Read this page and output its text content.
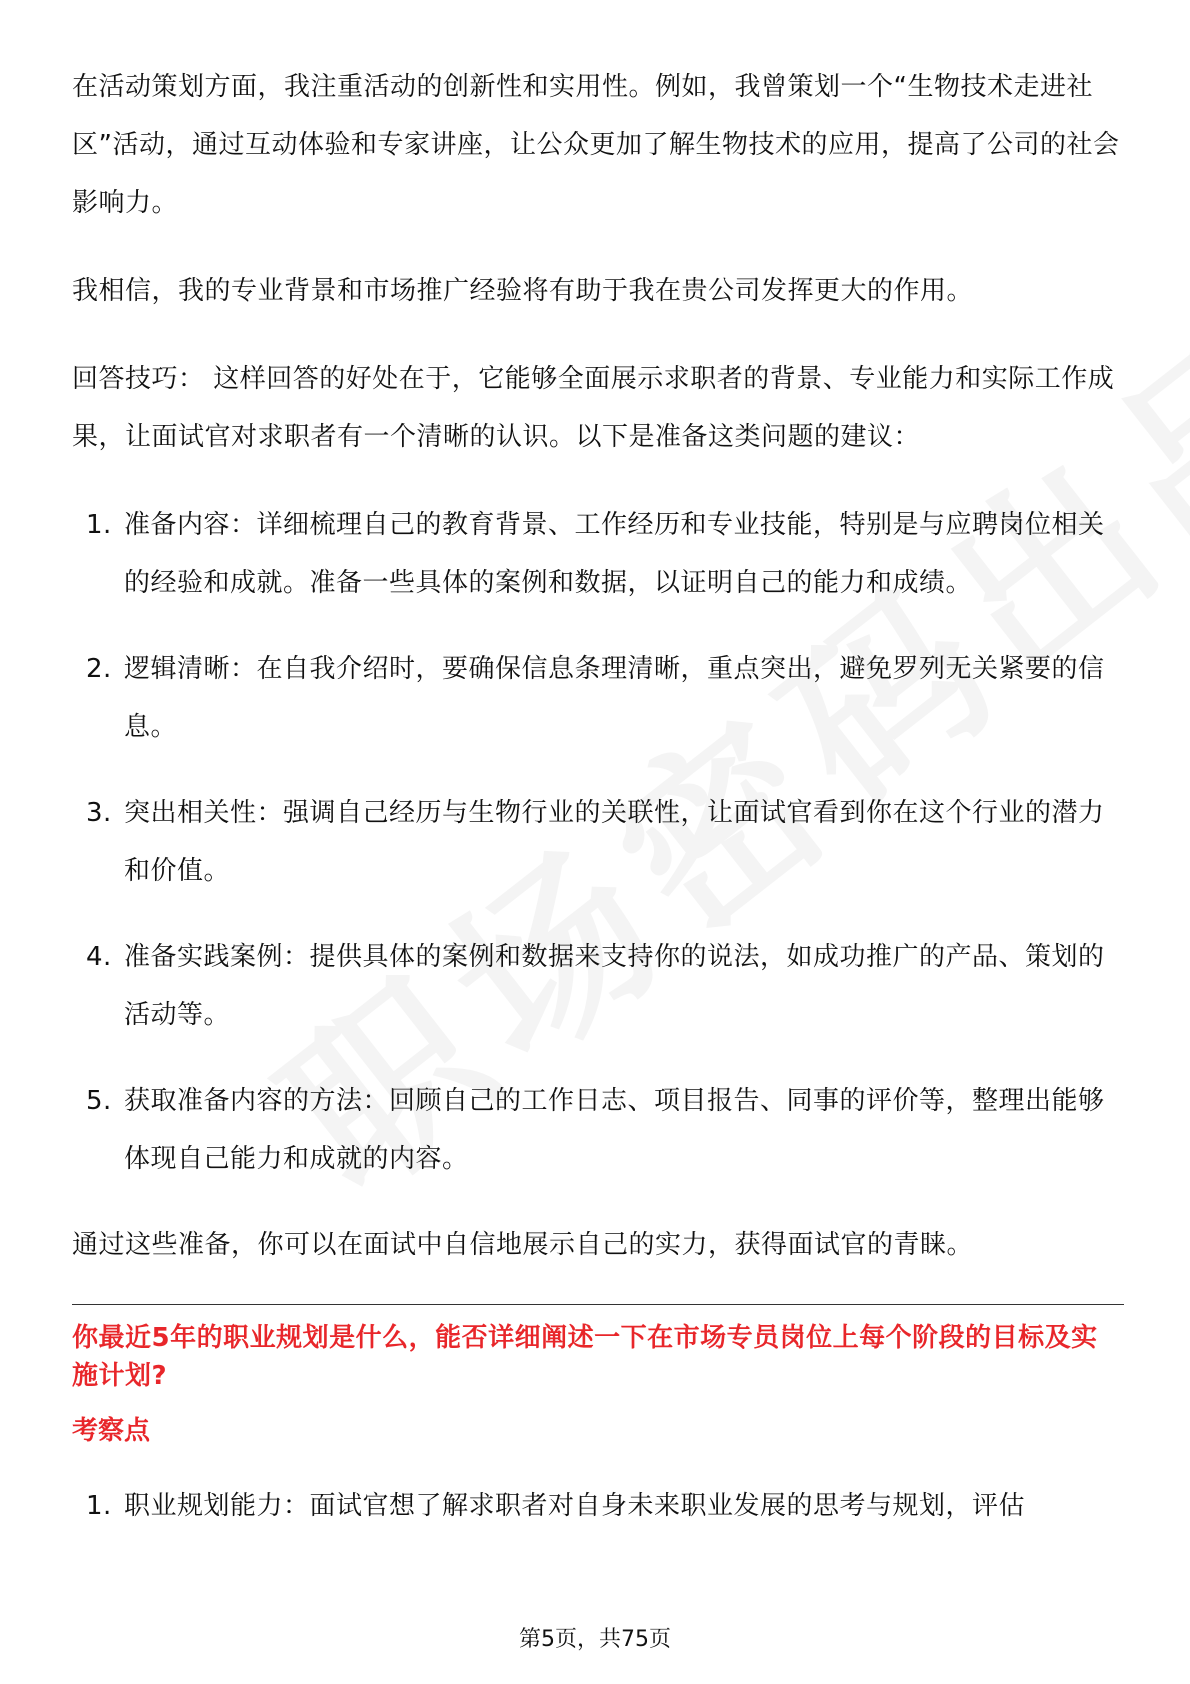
在活动策划方面，我注重活动的创新性和实用性。例如，我曾策划一个“生物技术走进社区”活动，通过互动体验和专家讲座，让公众更加了解生物技术的应用，提高了公司的社会影响力。

我相信，我的专业背景和市场推广经验将有助于我在贵公司发挥更大的作用。

回答技巧： 这样回答的好处在于，它能够全面展示求职者的背景、专业能力和实际工作成果，让面试官对求职者有一个清晰的认识。以下是准备这类问题的建议：

1. 准备内容：详细梳理自己的教育背景、工作经历和专业技能，特别是与应聘岗位相关的经验和成就。准备一些具体的案例和数据，以证明自己的能力和成绩。
2. 逻辑清晰：在自我介绍时，要确保信息条理清晰，重点突出，避免罗列无关紧要的信息。
3. 突出相关性：强调自己经历与生物行业的关联性，让面试官看到你在这个行业的潜力和价值。
4. 准备实践案例：提供具体的案例和数据来支持你的说法，如成功推广的产品、策划的活动等。
5. 获取准备内容的方法：回顾自己的工作日志、项目报告、同事的评价等，整理出能够体现自己能力和成就的内容。

通过这些准备，你可以在面试中自信地展示自己的实力，获得面试官的青睐。

你最近5年的职业规划是什么，能否详细阐述一下在市场专员岗位上每个阶段的目标及实施计划?
考察点
1. 职业规划能力：面试官想了解求职者对自身未来职业发展的思考与规划，评估
第5页，共75页
